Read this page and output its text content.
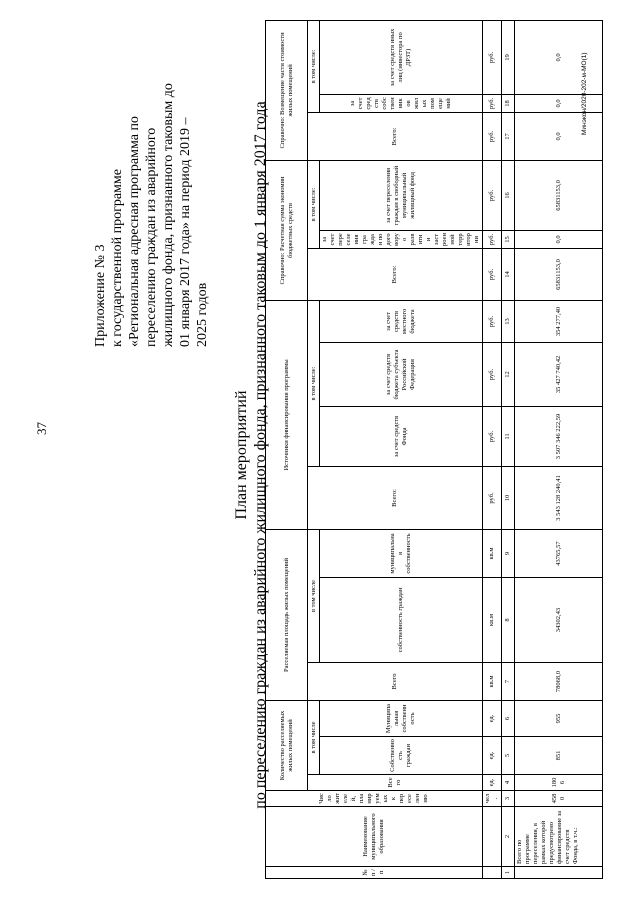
37
Приложение № 3 к государственной программе «Региональная адресная программа по переселению граждан из аварийного жилищного фонда, признанного таковым до 01 января 2017 года» на период 2019 – 2025 годов
План мероприятий по переселению граждан из аварийного жилищного фонда, признанного таковым до 1 января 2017 года
№ п / п	Наименование муниципального образования	Число жителей, планируемых к переселению	Количество расселяемых жилых помещений			Расселяемая площадь жилых помещений			Источники финансирования программы				Справочно: Расчетная сумма экономии бюджетных средств			Справочно: Возмещение части стоимости жилых помещений		
			Всего	в том числе		Всего	в том числе		Всего:	в том числе:			Всего:	в том числе:		Всего:	в том числе:	
				Собственность граждан	Муниципальная собственность		собственность граждан	муниципальная собственность		за счет средств Фонда	за счет средств бюджета субъекта Российской Федерации	за счет средств местного бюджета		за счет переселения граждан по договору о развитии застроенной территории	за счет переселения граждан в свободный муниципальный жилищный фонд		за счет средств собственников жилых помещений	за счет средств иных лиц (инвестора по ДРЗТ)

		чел.	ед.	ед.	ед.	кв.м	кв.м	кв.м	руб.	руб.	руб.	руб.	руб.	руб.	руб.	руб.	руб.	руб.
1	2	3	4	5	6	7	8	9	10	11	12	13	14	15	16	17	18	19
	Всего по программе переселения, в рамках которой предусмотрено финансирование за счет средств Фонда, в т.ч.:	4580	1806	851	955	78068,0	34302,43	43765,57	3 543 128 240,41	3 507 346 222,59	35 427 740,42	354 277,40	65831153,0	0,0	65831153,0	0,0	0,0	0,0	Минэкон/2020-202-м-МО(1)
